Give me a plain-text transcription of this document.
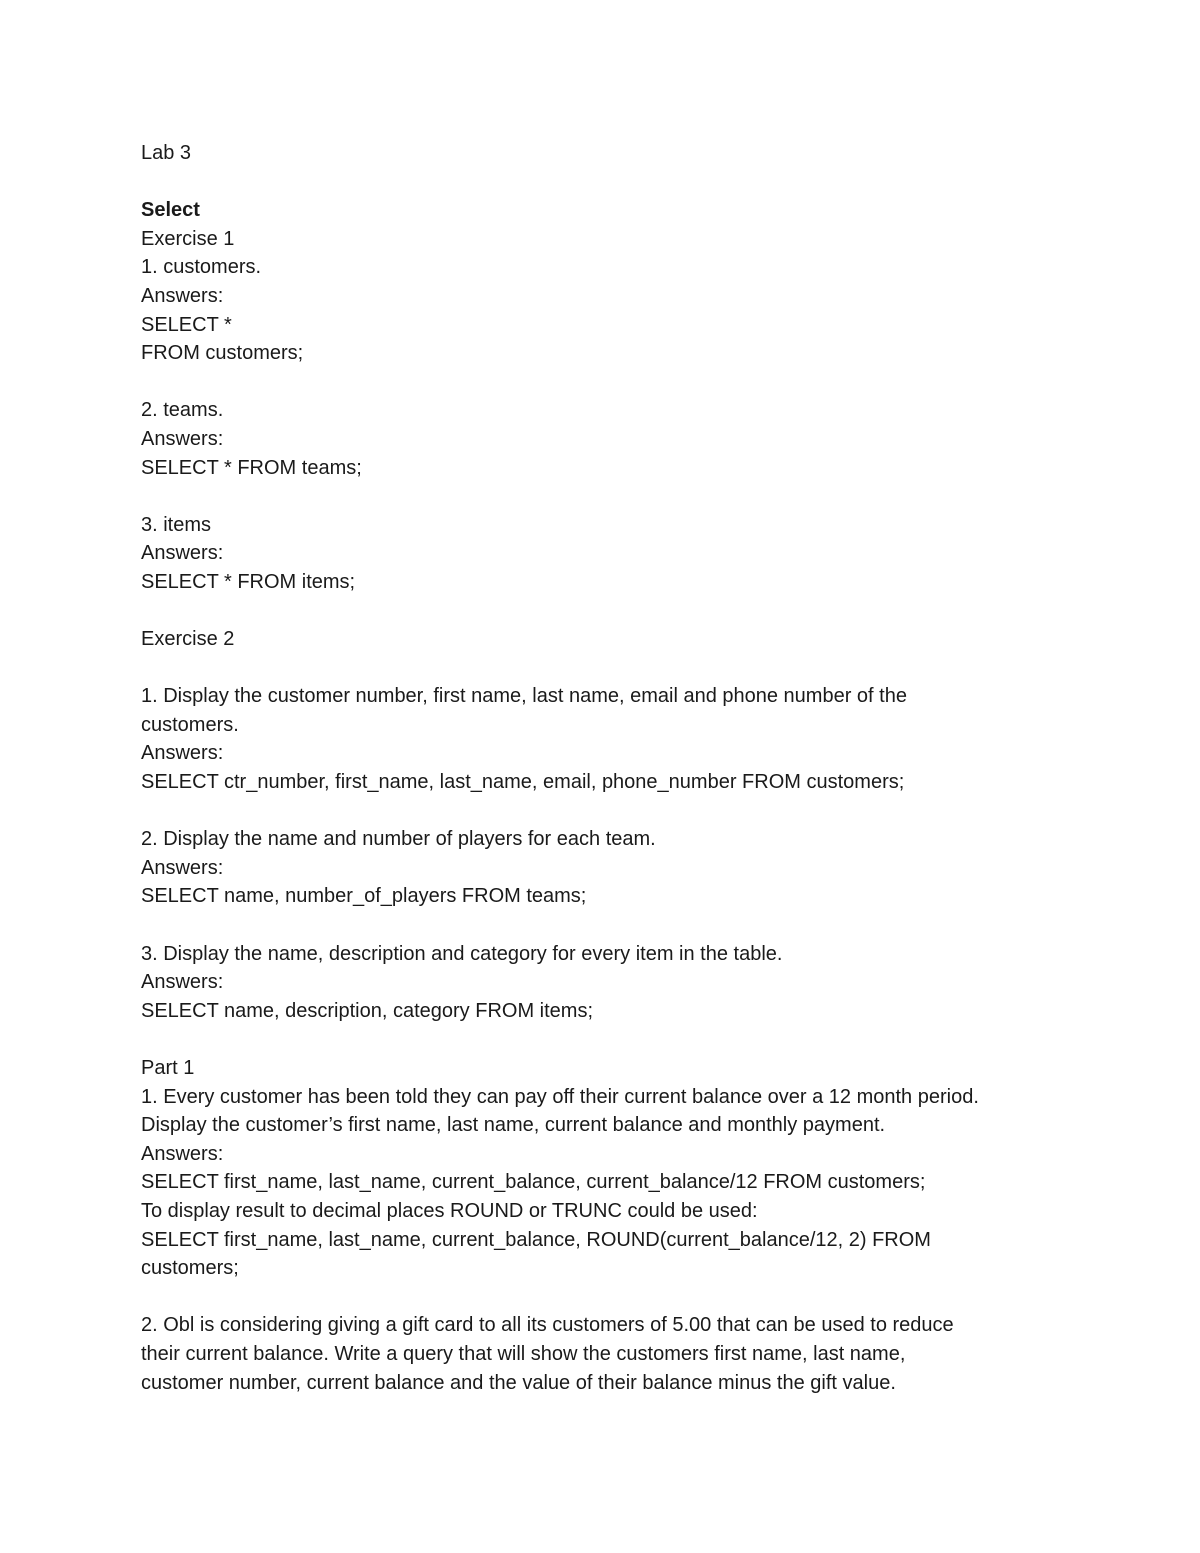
Lab 3
Select
Exercise 1
1. customers.
Answers:
SELECT *
FROM customers;
2. teams.
Answers:
SELECT * FROM teams;
3. items
Answers:
SELECT * FROM items;
Exercise 2
1. Display the customer number, first name, last name, email and phone number of the
customers.
Answers:
SELECT ctr_number, first_name, last_name, email, phone_number FROM customers;
2. Display the name and number of players for each team.
Answers:
SELECT name, number_of_players FROM teams;
3. Display the name, description and category for every item in the table.
Answers:
SELECT name, description, category FROM items;
Part 1
1. Every customer has been told they can pay off their current balance over a 12 month period.
Display the customer’s first name, last name, current balance and monthly payment.
Answers:
SELECT first_name, last_name, current_balance, current_balance/12 FROM customers;
To display result to decimal places ROUND or TRUNC could be used:
SELECT first_name, last_name, current_balance, ROUND(current_balance/12, 2) FROM
customers;
2. Obl is considering giving a gift card to all its customers of 5.00 that can be used to reduce
their current balance. Write a query that will show the customers first name, last name,
customer number, current balance and the value of their balance minus the gift value.
